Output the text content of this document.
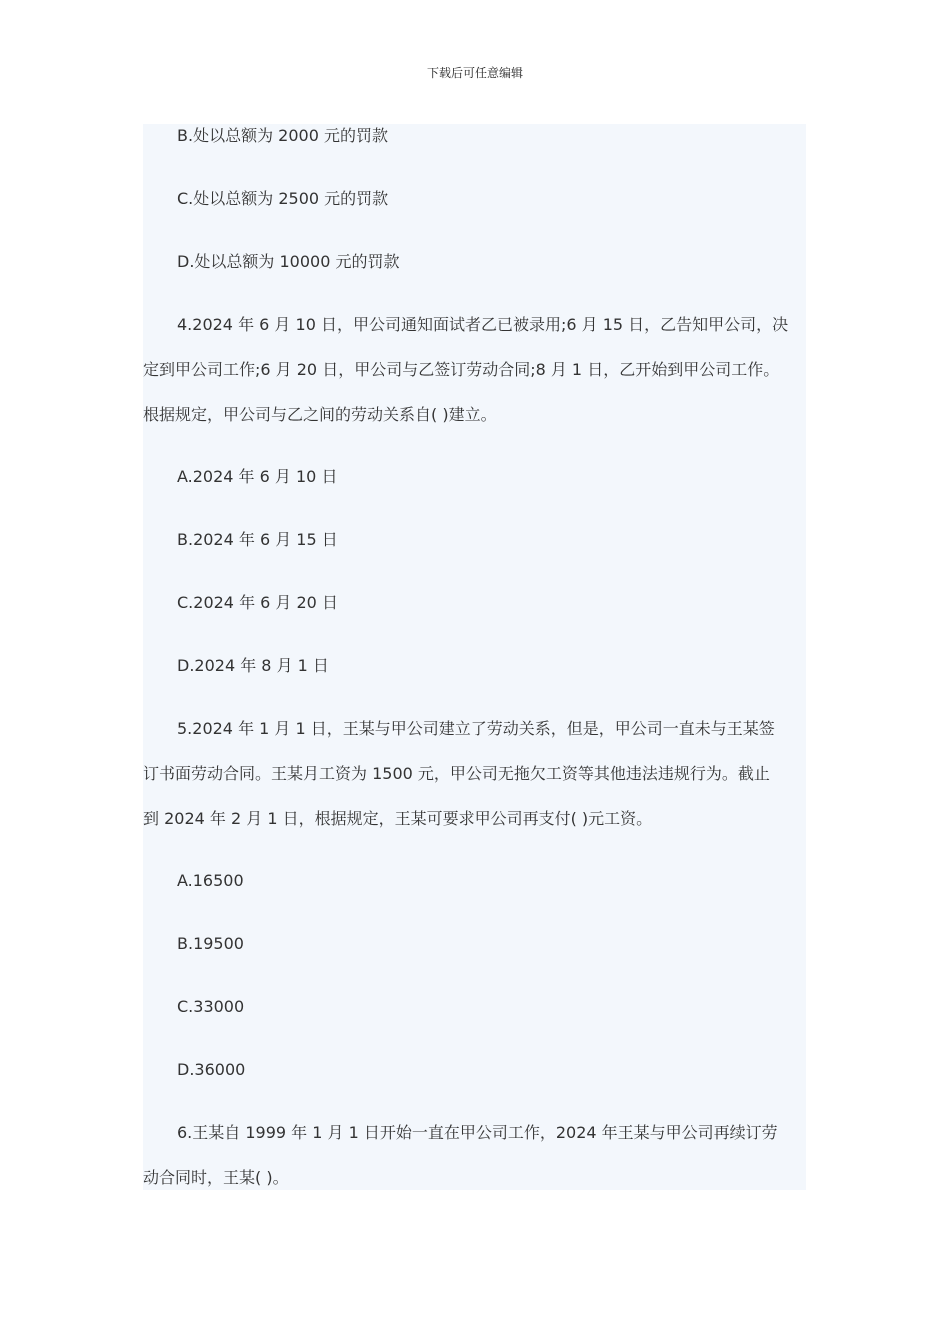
下载后可任意编辑
B.处以总额为 2000 元的罚款
C.处以总额为 2500 元的罚款
D.处以总额为 10000 元的罚款
4.2024 年 6 月 10 日，甲公司通知面试者乙已被录用;6 月 15 日，乙告知甲公司，决
定到甲公司工作;6 月 20 日，甲公司与乙签订劳动合同;8 月 1 日，乙开始到甲公司工作。
根据规定，甲公司与乙之间的劳动关系自( )建立。
A.2024 年 6 月 10 日
B.2024 年 6 月 15 日
C.2024 年 6 月 20 日
D.2024 年 8 月 1 日
5.2024 年 1 月 1 日，王某与甲公司建立了劳动关系，但是，甲公司一直未与王某签
订书面劳动合同。王某月工资为 1500 元，甲公司无拖欠工资等其他违法违规行为。截止
到 2024 年 2 月 1 日，根据规定，王某可要求甲公司再支付( )元工资。
A.16500
B.19500
C.33000
D.36000
6.王某自 1999 年 1 月 1 日开始一直在甲公司工作，2024 年王某与甲公司再续订劳
动合同时，王某( )。
